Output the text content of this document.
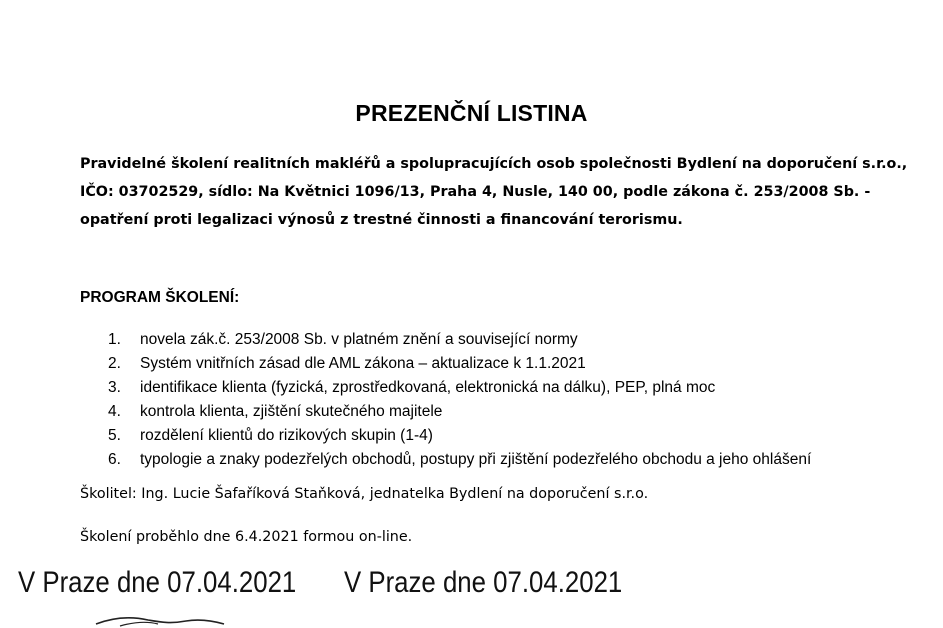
PREZENČNÍ LISTINA
Pravidelné školení realitních makléřů a spolupracujících osob společnosti Bydlení na doporučení s.r.o.,
IČO: 03702529, sídlo: Na Květnici 1096/13, Praha 4, Nusle, 140 00, podle zákona č. 253/2008 Sb. -
opatření proti legalizaci výnosů z trestné činnosti a financování terorismu.
PROGRAM ŠKOLENÍ:
1. novela zák.č. 253/2008 Sb. v platném znění a související normy
2. Systém vnitřních zásad dle AML zákona – aktualizace k 1.1.2021
3. identifikace klienta (fyzická, zprostředkovaná, elektronická na dálku), PEP, plná moc
4. kontrola klienta, zjištění skutečného majitele
5. rozdělení klientů do rizikových skupin (1-4)
6. typologie a znaky podezřelých obchodů, postupy při zjištění podezřelého obchodu a jeho ohlášení
Školitel: Ing. Lucie Šafaříková Staňková, jednatelka Bydlení na doporučení s.r.o.
Školení proběhlo dne 6.4.2021 formou on-line.
V Praze dne 07.04.2021 V Praze dne 07.04.2021
